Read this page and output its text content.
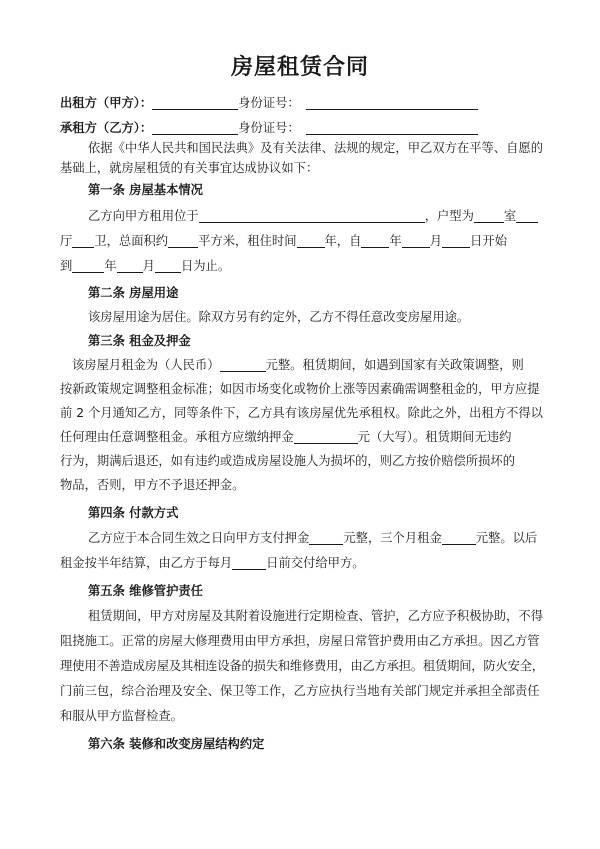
房屋租赁合同
出租方（甲方）：	身份证号：
承租方（乙方）：	身份证号：
依据《中华人民共和国民法典》及有关法律、法规的规定，甲乙双方在平等、自愿的
基础上，就房屋租赁的有关事宜达成协议如下：
第一条 房屋基本情况
乙方向甲方租用位于	，户型为 室
厅 卫，总面积约 平方米，租住时间 年，自 年 月 日开始
到	年 月 日为止。
第二条 房屋用途
该房屋用途为居住。除双方另有约定外，乙方不得任意改变房屋用途。
第三条 租金及押金
该房屋月租金为（人民币）	元整。租赁期间，如遇到国家有关政策调整，则
按新政策规定调整租金标准；如因市场变化或物价上涨等因素确需调整租金的，甲方应提
前 2 个月通知乙方，同等条件下，乙方具有该房屋优先承租权。除此之外，出租方不得以
任何理由任意调整租金。承租方应缴纳押金	元（大写）。租赁期间无违约
行为，期满后退还，如有违约或造成房屋设施人为损坏的，则乙方按价赔偿所损坏的
物品，否则，甲方不予退还押金。
第四条 付款方式
乙方应于本合同生效之日向甲方支付押金	元整，三个月租金	元整。以后
租金按半年结算，由乙方于每月	日前交付给甲方。
第五条 维修管护责任
租赁期间，甲方对房屋及其附着设施进行定期检查、管护，乙方应予积极协助，不得
阻挠施工。正常的房屋大修理费用由甲方承担，房屋日常管护费用由乙方承担。因乙方管
理使用不善造成房屋及其相连设备的损失和维修费用，由乙方承担。租赁期间，防火安全，
门前三包，综合治理及安全、保卫等工作，乙方应执行当地有关部门规定并承担全部责任
和服从甲方监督检查。
第六条 装修和改变房屋结构约定
